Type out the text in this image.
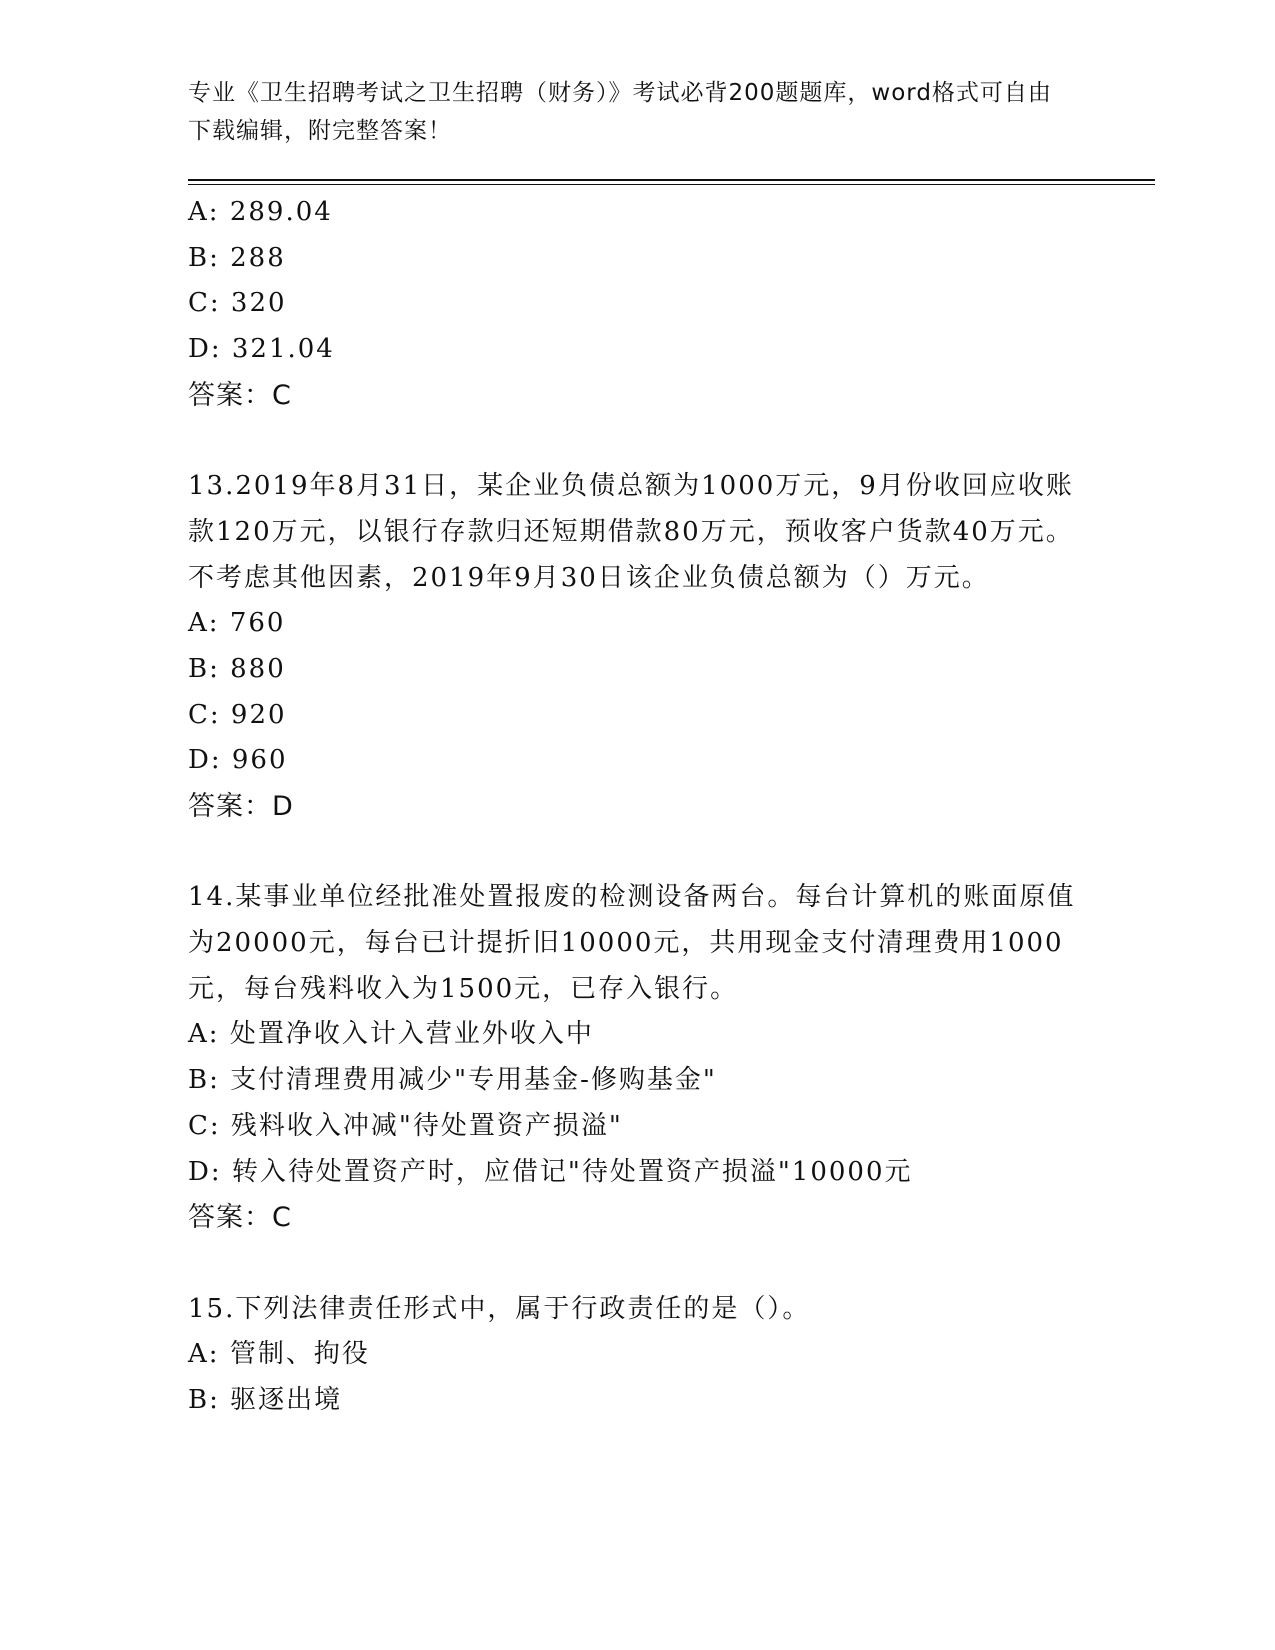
专业《卫生招聘考试之卫生招聘（财务）》考试必背200题题库，word格式可自由下载编辑，附完整答案！
A: 289.04
B: 288
C: 320
D: 321.04
答案：C
13.2019年8月31日，某企业负债总额为1000万元，9月份收回应收账款120万元，以银行存款归还短期借款80万元，预收客户货款40万元。不考虑其他因素，2019年9月30日该企业负债总额为（）万元。
A: 760
B: 880
C: 920
D: 960
答案：D
14.某事业单位经批准处置报废的检测设备两台。每台计算机的账面原值为20000元，每台已计提折旧10000元，共用现金支付清理费用1000元，每台残料收入为1500元，已存入银行。
A: 处置净收入计入营业外收入中
B: 支付清理费用减少"专用基金-修购基金"
C: 残料收入冲减"待处置资产损溢"
D: 转入待处置资产时，应借记"待处置资产损溢"10000元
答案：C
15.下列法律责任形式中，属于行政责任的是（）。
A: 管制、拘役
B: 驱逐出境
